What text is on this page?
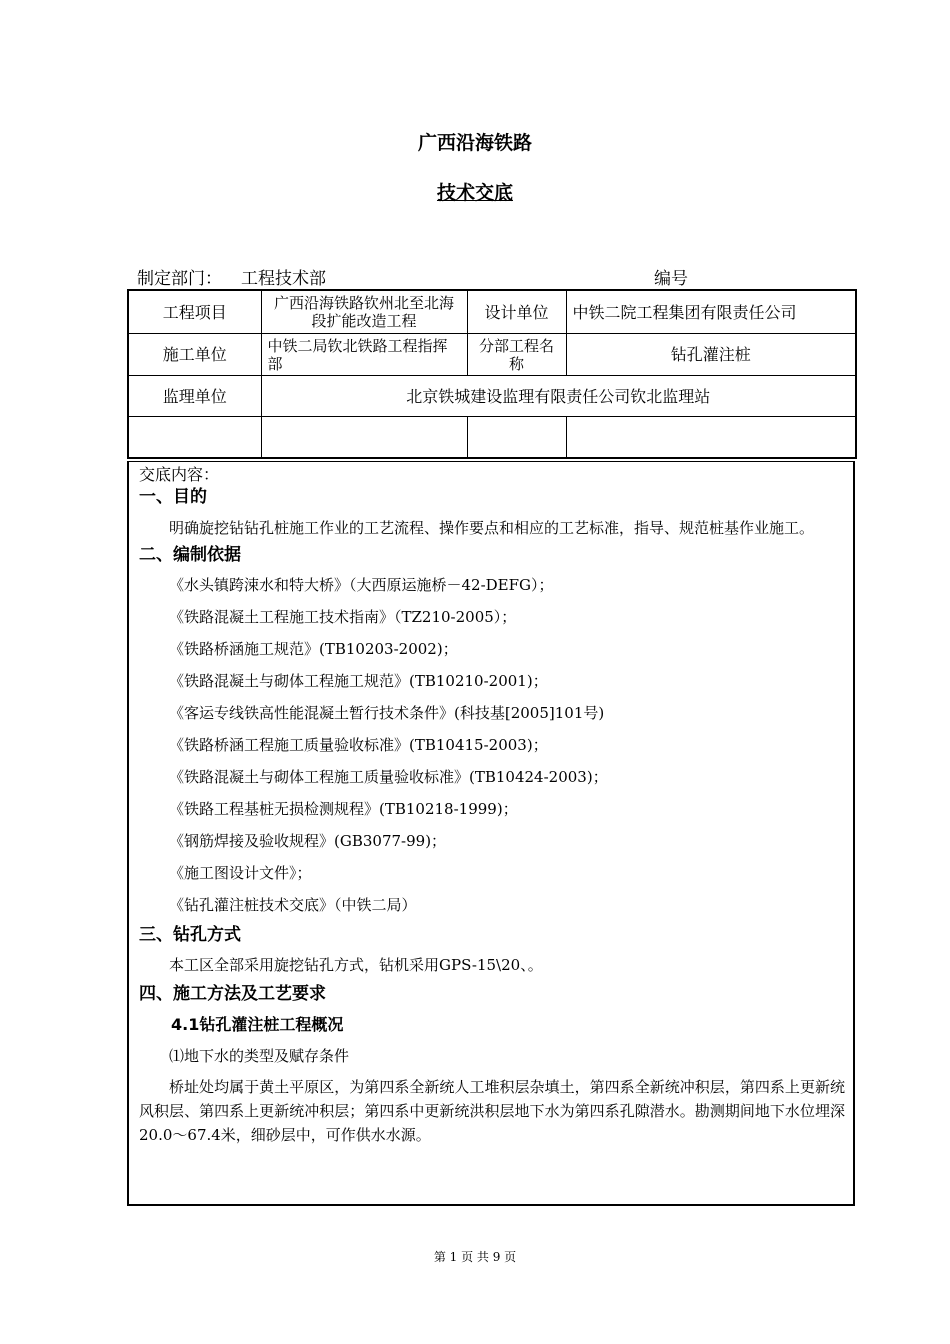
广西沿海铁路
技术交底
制定部门： 工程技术部	编号
工程项目	广西沿海铁路钦州北至北海段扩能改造工程	设计单位	中铁二院工程集团有限责任公司
施工单位	中铁二局钦北铁路工程指挥部	分部工程名称	钻孔灌注桩
监理单位	北京铁城建设监理有限责任公司钦北监理站		

交底内容：
一、目的
明确旋挖钻钻孔桩施工作业的工艺流程、操作要点和相应的工艺标准，指导、规范桩基作业施工。
二、编制依据
《水头镇跨涑水和特大桥》（大西原运施桥－42-DEFG）；
《铁路混凝土工程施工技术指南》（TZ210-2005）；
《铁路桥涵施工规范》(TB10203-2002)；
《铁路混凝土与砌体工程施工规范》(TB10210-2001)；
《客运专线铁高性能混凝土暂行技术条件》(科技基[2005]101号)
《铁路桥涵工程施工质量验收标准》(TB10415-2003)；
《铁路混凝土与砌体工程施工质量验收标准》(TB10424-2003)；
《铁路工程基桩无损检测规程》(TB10218-1999)；
《钢筋焊接及验收规程》(GB3077-99)；
《施工图设计文件》；
《钻孔灌注桩技术交底》（中铁二局）
三、钻孔方式
本工区全部采用旋挖钻孔方式，钻机采用GPS-15\20、。
四、施工方法及工艺要求
4.1钻孔灌注桩工程概况
⑴地下水的类型及赋存条件
桥址处均属于黄土平原区，为第四系全新统人工堆积层杂填土，第四系全新统冲积层，第四系上更新统风积层、第四系上更新统冲积层；第四系中更新统洪积层地下水为第四系孔隙潜水。勘测期间地下水位埋深20.0～67.4米，细砂层中，可作供水水源。
第 1 页 共 9 页
